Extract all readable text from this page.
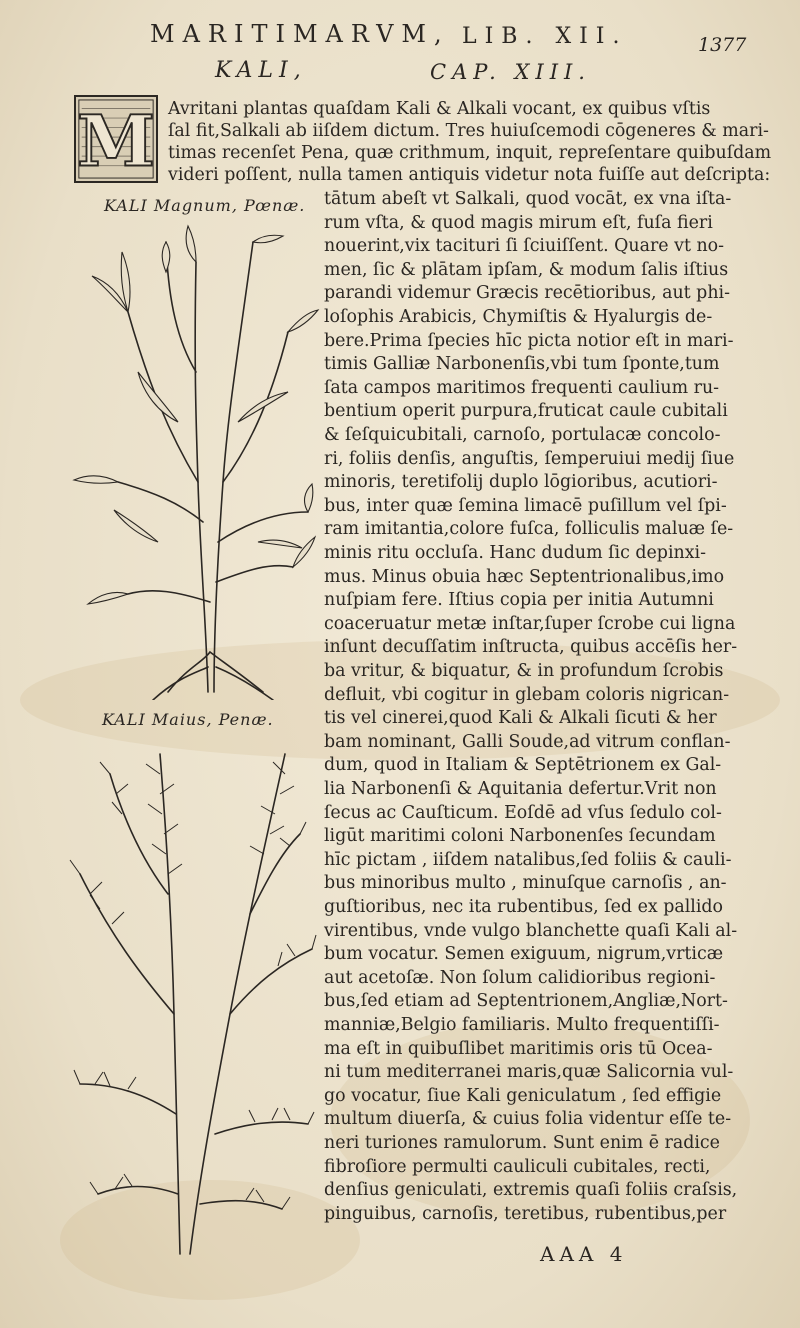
MARITIMARVM, LIB. XII.	1377
KALI,	CAP. XIII.
M Avritani plantas quaſdam Kali & Alkali vocant, ex quibus vſtis
ſal fit,Salkali ab iiſdem dictum. Tres huiuſcemodi cōgeneres & mari-
timas recenſet Pena, quæ crithmum, inquit, repreſentare quibuſdam
videri poſſent, nulla tamen antiquis videtur nota fuiſſe aut deſcripta:
tātum abeſt vt Salkali, quod vocāt, ex vna iſta-
rum vſta, & quod magis mirum eſt, fuſa fieri
nouerint,vix tacituri ſi ſciuiſſent. Quare vt no-
men, ſic & plātam ipſam, & modum ſalis iſtius
parandi videmur Græcis recētioribus, aut phi-
loſophis Arabicis, Chymiſtis & Hyalurgis de-
bere.Prima ſpecies hīc picta notior eſt in mari-
timis Galliæ Narbonenſis,vbi tum ſponte,tum
ſata campos maritimos frequenti caulium ru-
bentium operit purpura,fruticat caule cubitali
& ſeſquicubitali, carnoſo, portulacæ concolo-
ri, foliis denſis, anguſtis, ſemperuiui medij ſiue
minoris, teretifolij duplo lōgioribus, acutiori-
bus, inter quæ ſemina limacē puſillum vel ſpi-
ram imitantia,colore fuſca, folliculis maluæ ſe-
minis ritu occluſa. Hanc dudum ſic depinxi-
mus. Minus obuia hæc Septentrionalibus,imo
nuſpiam fere. Iſtius copia per initia Autumni
coaceruatur metæ inſtar,ſuper ſcrobe cui ligna
inſunt decuſſatim inſtructa, quibus accēſis her-
ba vritur, & biquatur, & in profundum ſcrobis
defluit, vbi cogitur in glebam coloris nigrican-
tis vel cinerei,quod Kali & Alkali ſicuti & her
bam nominant, Galli Soude,ad vitrum conflan-
dum, quod in Italiam & Septētrionem ex Gal-
lia Narbonenſi & Aquitania defertur.Vrit non
ſecus ac Cauſticum. Eoſdē ad vſus ſedulo col-
ligūt maritimi coloni Narbonenſes ſecundam
hīc pictam , iiſdem natalibus,ſed foliis & cauli-
bus minoribus multo , minuſque carnoſis , an-
guſtioribus, nec ita rubentibus, ſed ex pallido
virentibus, vnde vulgo blanchette quaſi Kali al-
bum vocatur. Semen exiguum, nigrum,vrticæ
aut acetoſæ. Non ſolum calidioribus regioni-
bus,ſed etiam ad Septentrionem,Angliæ,Nort-
manniæ,Belgio familiaris. Multo frequentiſſi-
ma eſt in quibuſlibet maritimis oris tū Ocea-
ni tum mediterranei maris,quæ Salicornia vul-
go vocatur, ſiue Kali geniculatum , ſed effigie
multum diuerſa, & cuius folia videntur eſſe te-
neri turiones ramulorum. Sunt enim ē radice
fibroſiore permulti cauliculi cubitales, recti,
denſius geniculati, extremis quaſi foliis craſsis,
pinguibus, carnoſis, teretibus, rubentibus,per
KALI Magnum, Pœnæ.
KALI Maius, Penæ.
AAA 4
